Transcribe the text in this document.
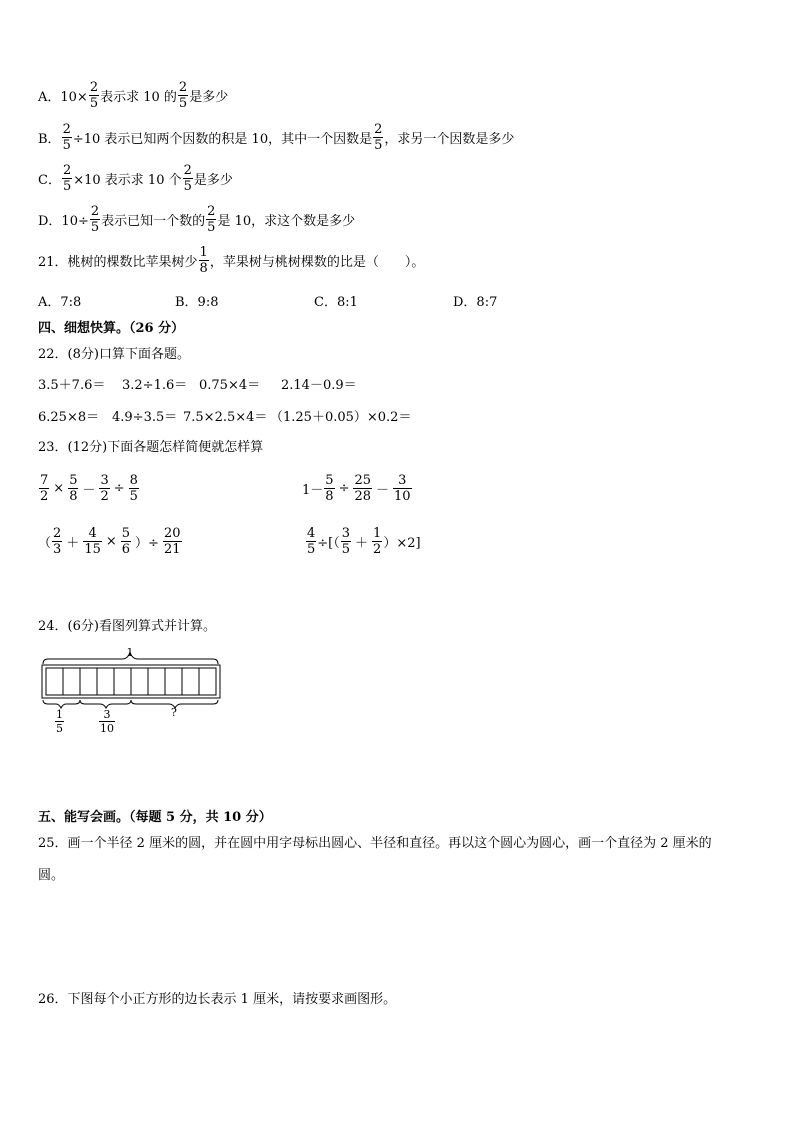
A．$10\times \frac{2}{5}$ 表示求 10 的 $\frac{2}{5}$ 是多少
B． $\frac{2}{5} \div 10$ 表示已知两个因数的积是 10，其中一个因数是 $\frac{2}{5}$ ，求另一个因数是多少
C． $\frac{2}{5} \times 10$ 表示求 10 个 $\frac{2}{5}$ 是多少
D．$10\div \frac{2}{5}$ 表示已知一个数的 $\frac{2}{5}$ 是 10，求这个数是多少
21．桃树的棵数比苹果树少 $\frac{1}{8}$ ，苹果树与桃树棵数的比是（　　）。
A．7:8	B．9:8	C．8:1	D．8:7
四、细想快算。（26 分）
22．(8分)口算下面各题。
3.5＋7.6＝ 3.2÷1.6＝ 0.75×4＝ 2.14－0.9＝
6.25×8＝ 4.9÷3.5＝ 7.5×2.5×4＝ （1.25＋0.05）×0.2＝
23．(12分)下面各题怎样简便就怎样算
$\frac{7}{2} \times \frac{5}{8} - \frac{3}{2} \div \frac{8}{5}$	$1- \frac{5}{8} \div \frac{25}{28} - \frac{3}{10}$
（ $\frac{2}{3} + \frac{4}{15} \times \frac{5}{6}$ ）÷ $\frac{20}{21}$	$\frac{4}{5}$ ÷[（ $\frac{3}{5} + \frac{1}{2} )\times 2$]
24．(6分)看图列算式并计算。
1
1
5
3
10
?
五、能写会画。（每题 5 分，共 10 分）
25．画一个半径 2 厘米的圆，并在圆中用字母标出圆心、半径和直径。再以这个圆心为圆心，画一个直径为 2 厘米的
圆。
26．下图每个小正方形的边长表示 1 厘米，请按要求画图形。
